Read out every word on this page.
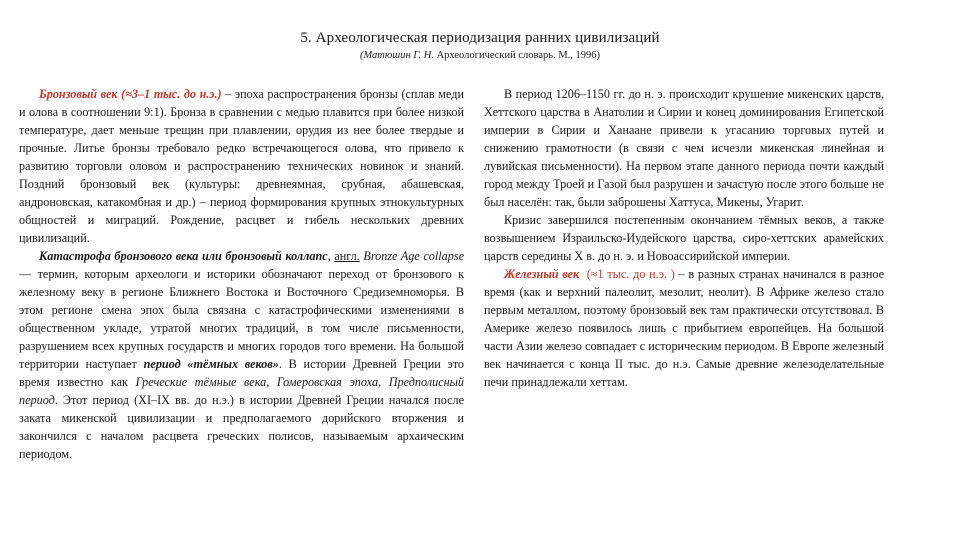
5. Археологическая периодизация ранних цивилизаций
(Матюшин Г. Н. Археологический словарь. М., 1996)

Бронзовый век (≈3–1 тыс. до н.э.) – эпоха распространения бронзы (сплав меди и олова в соотношении 9:1). Бронза в сравнении с медью плавится при более низкой температуре, дает меньше трещин при плавлении, орудия из нее более твердые и прочные. Литье бронзы требовало редко встречающегося олова, что привело к развитию торговли оловом и распространению технических новинок и знаний. Поздний бронзовый век (культуры: древнеямная, срубная, абашевская, андроновская, катакомбная и др.) – период формирования крупных этнокультурных общностей и миграций. Рождение, расцвет и гибель нескольких древних цивилизаций.

Катастрофа бронзового века или бронзовый коллапс, англ. Bronze Age collapse — термин, которым археологи и историки обозначают переход от бронзового к железному веку в регионе Ближнего Востока и Восточного Средиземноморья. В этом регионе смена эпох была связана с катастрофическими изменениями в общественном укладе, утратой многих традиций, в том числе письменности, разрушением всех крупных государств и многих городов того времени. На большой территории наступает период «тёмных веков». В истории Древней Греции это время известно как Греческие тёмные века, Гомеровская эпоха, Предполисный период. Этот период (XI–IX вв. до н.э.) в истории Древней Греции начался после заката микенской цивилизации и предполагаемого дорийского вторжения и закончился с началом расцвета греческих полисов, называемым архаическим периодом.

В период 1206–1150 гг. до н. э. происходит крушение микенских царств, Хеттского царства в Анатолии и Сирии и конец доминирования Египетской империи в Сирии и Ханаане привели к угасанию торговых путей и снижению грамотности (в связи с чем исчезли микенская линейная и лувийская письменности). На первом этапе данного периода почти каждый город между Троей и Газой был разрушен и зачастую после этого больше не был населён: так, были заброшены Хаттуса, Микены, Угарит.

Кризис завершился постепенным окончанием тёмных веков, а также возвышением Израильско-Иудейского царства, сиро-хеттских арамейских царств середины X в. до н. э. и Новоассирийской империи.

Железный век (≈1 тыс. до н.э. ) – в разных странах начинался в разное время (как и верхний палеолит, мезолит, неолит). В Африке железо стало первым металлом, поэтому бронзовый век там практически отсутствовал. В Америке железо появилось лишь с прибытием европейцев. На большой части Азии железо совпадает с историческим периодом. В Европе железный век начинается с конца II тыс. до н.э. Самые древние железоделательные печи принадлежали хеттам.
